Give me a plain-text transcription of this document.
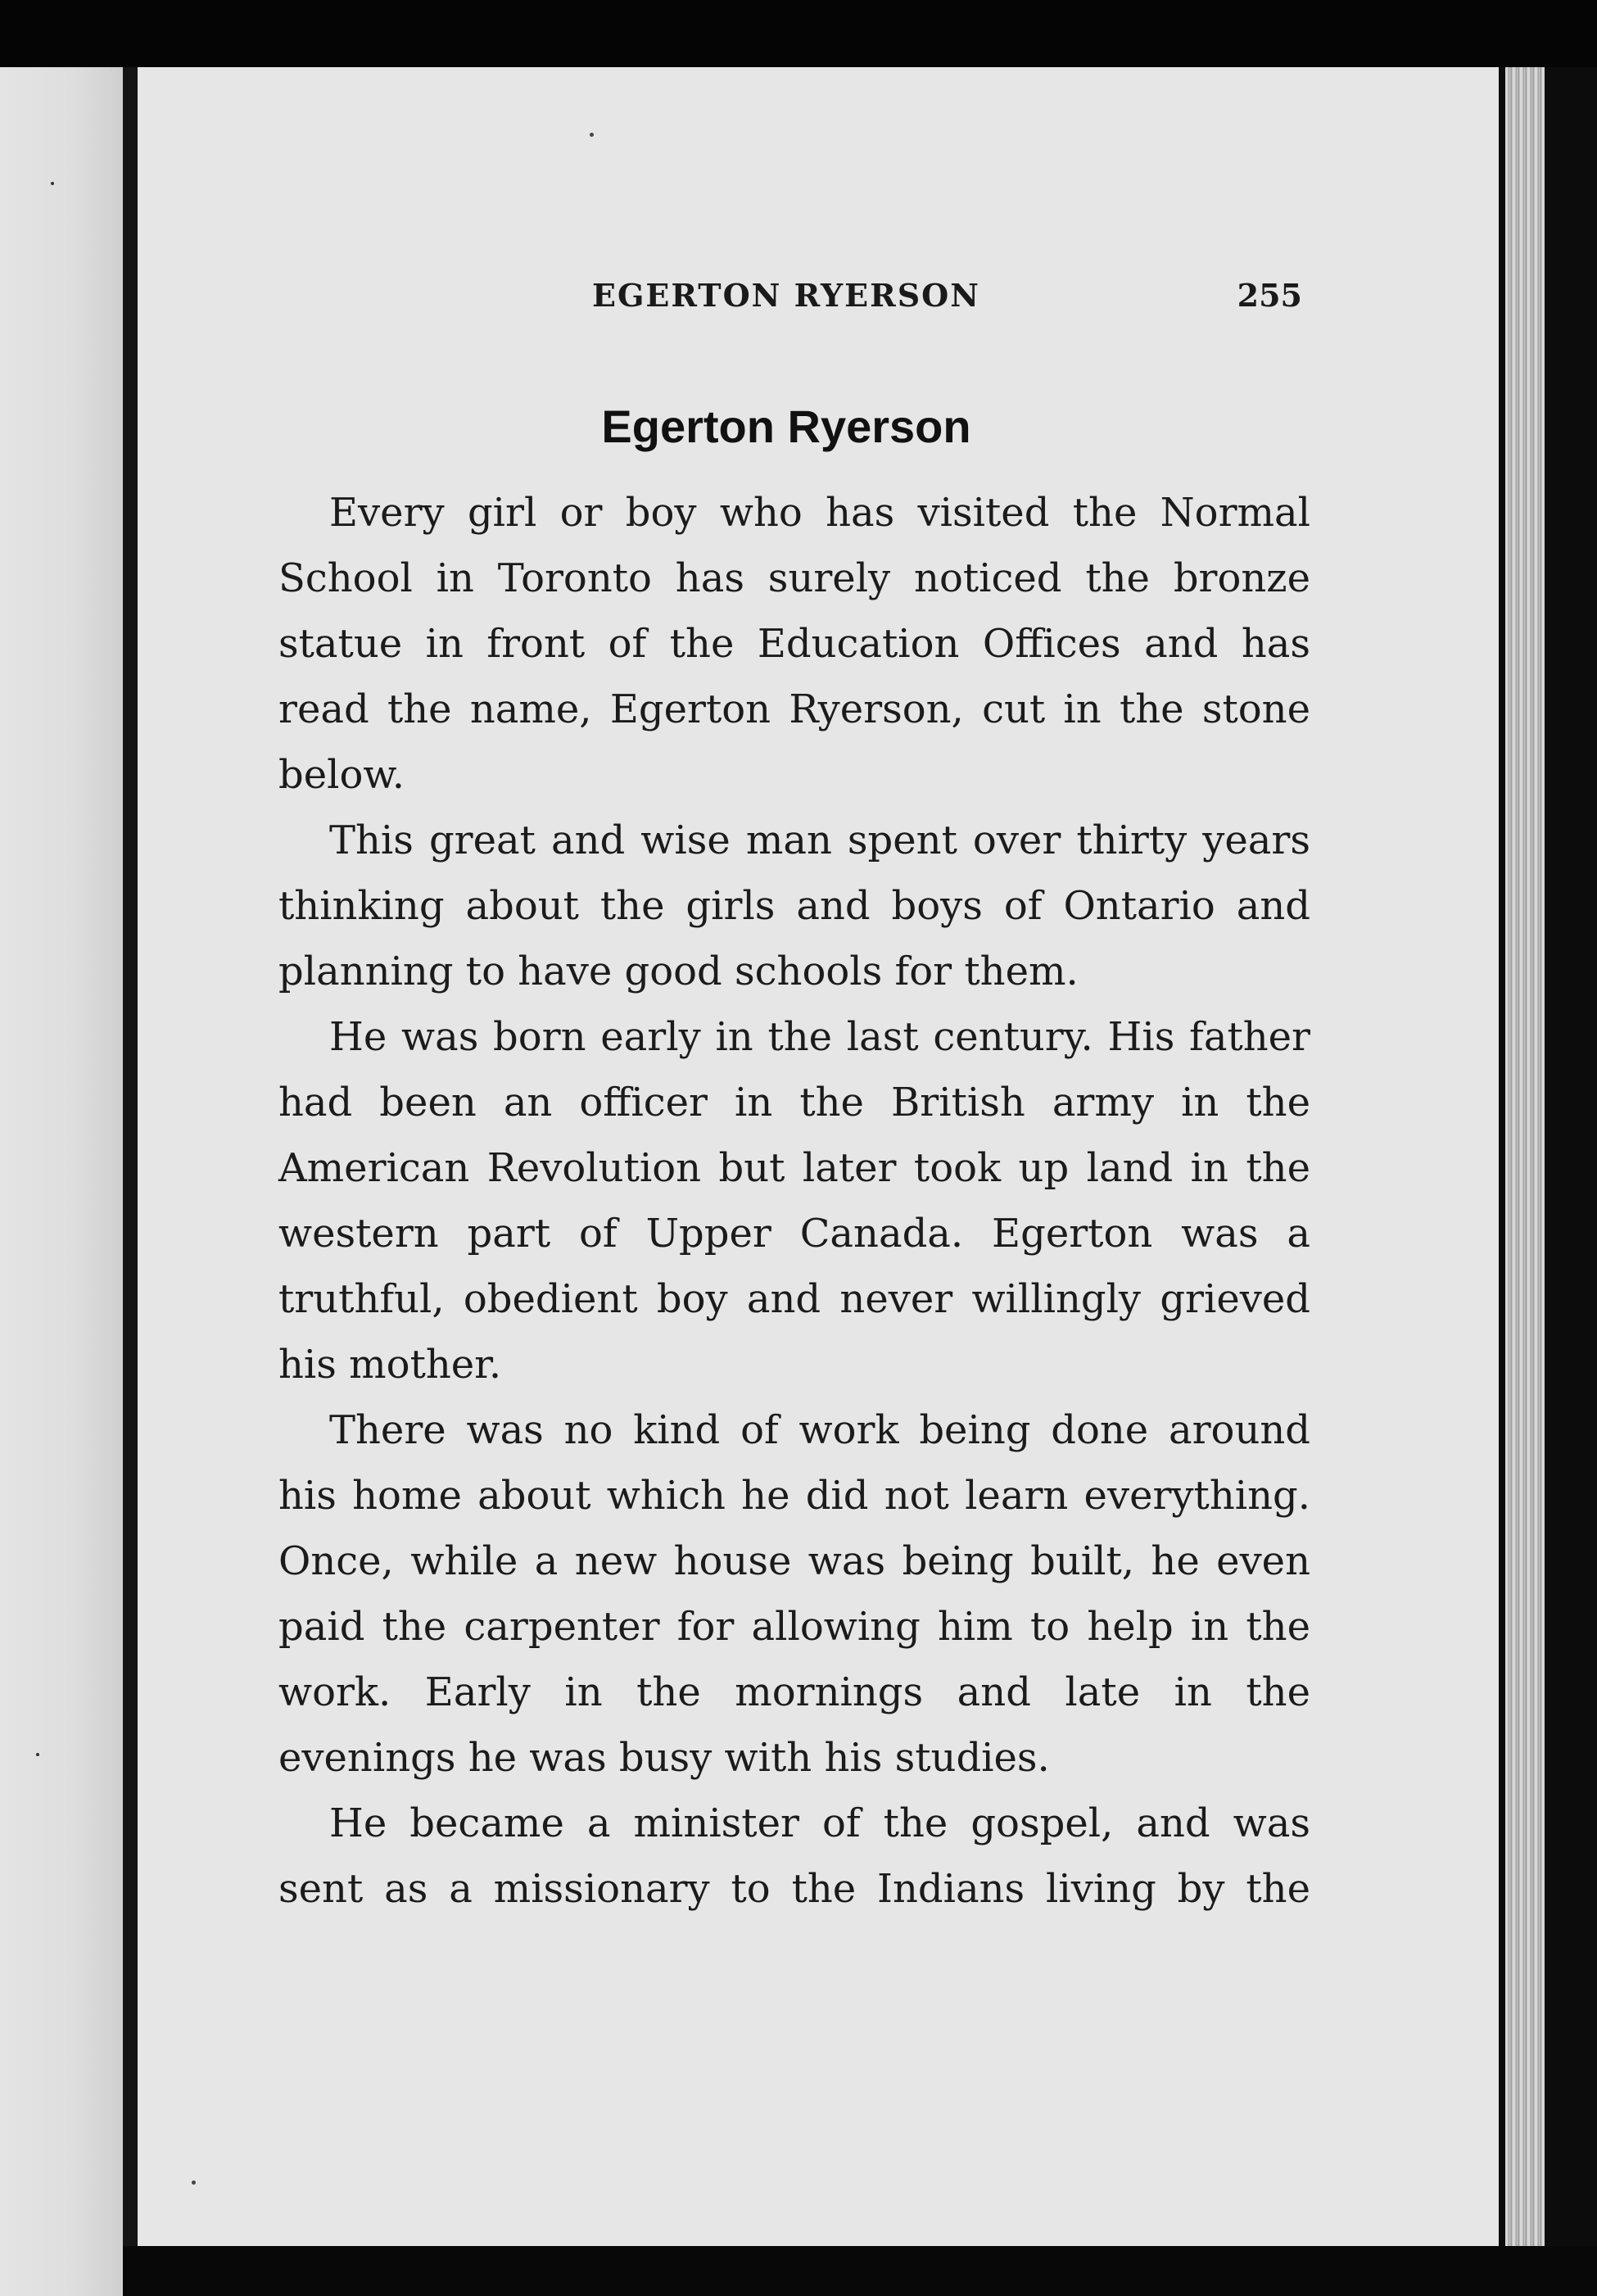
EGERTON RYERSON	255
Egerton Ryerson

Every girl or boy who has visited the Normal School in Toronto has surely noticed the bronze statue in front of the Education Offices and has read the name, Egerton Ryerson, cut in the stone below.

This great and wise man spent over thirty years thinking about the girls and boys of Ontario and planning to have good schools for them.

He was born early in the last century. His father had been an officer in the British army in the American Revolution but later took up land in the western part of Upper Canada. Egerton was a truthful, obedient boy and never willingly grieved his mother.

There was no kind of work being done around his home about which he did not learn everything. Once, while a new house was being built, he even paid the carpenter for allowing him to help in the work. Early in the mornings and late in the evenings he was busy with his studies.

He became a minister of the gospel, and was sent as a missionary to the Indians living by the
